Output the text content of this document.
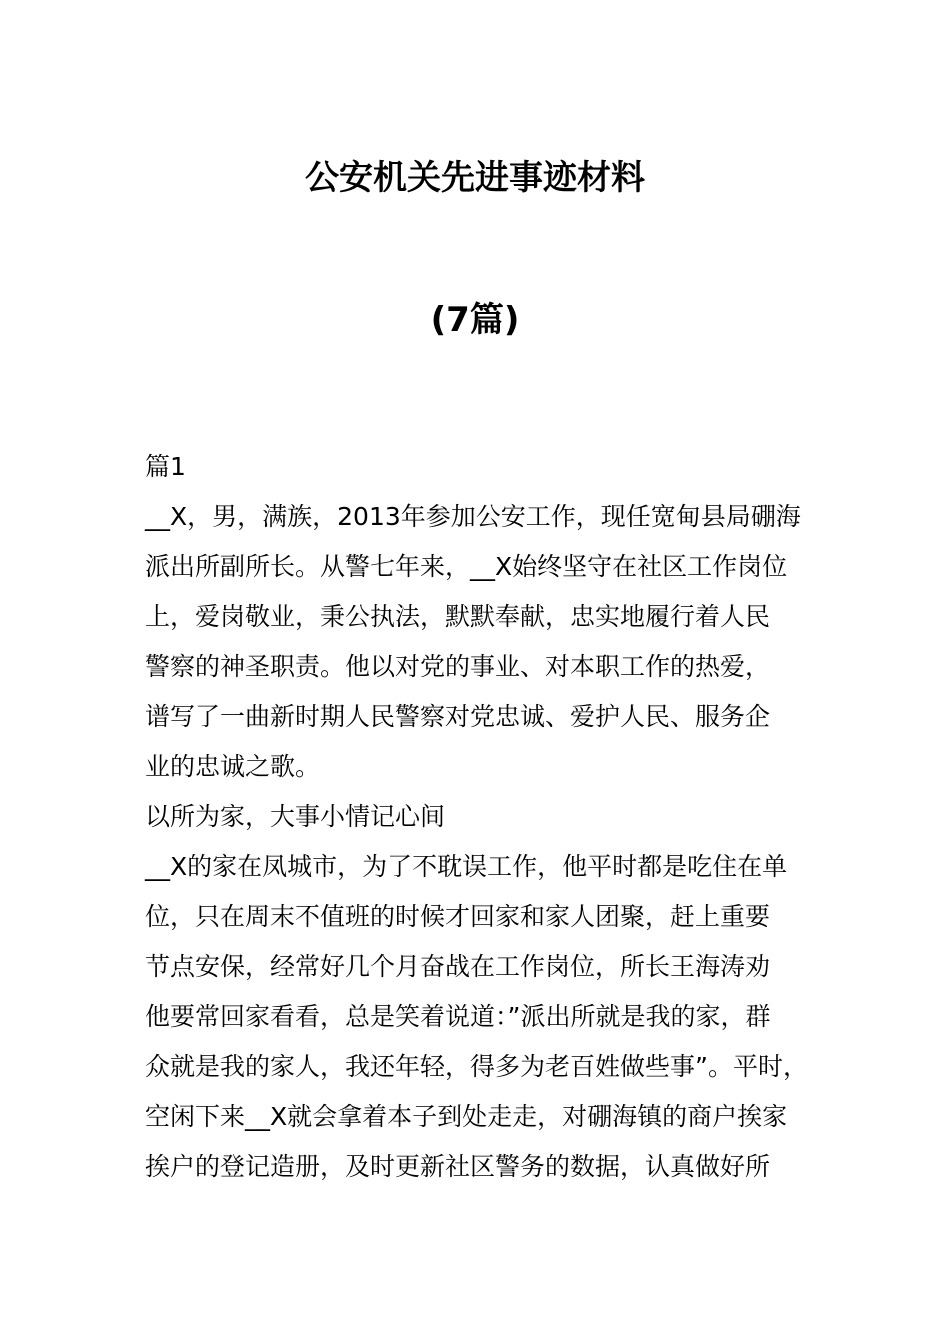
公安机关先进事迹材料
(7篇)

篇1

__X，男，满族，2013年参加公安工作，现任宽甸县局硼海

派出所副所长。从警七年来，__X始终坚守在社区工作岗位

上，爱岗敬业，秉公执法，默默奉献，忠实地履行着人民

警察的神圣职责。他以对党的事业、对本职工作的热爱，

谱写了一曲新时期人民警察对党忠诚、爱护人民、服务企

业的忠诚之歌。

以所为家，大事小情记心间

__X的家在凤城市，为了不耽误工作，他平时都是吃住在单

位，只在周末不值班的时候才回家和家人团聚，赶上重要

节点安保，经常好几个月奋战在工作岗位，所长王海涛劝

他要常回家看看，总是笑着说道：”派出所就是我的家，群

众就是我的家人，我还年轻，得多为老百姓做些事”。平时，

空闲下来__X就会拿着本子到处走走，对硼海镇的商户挨家

挨户的登记造册，及时更新社区警务的数据，认真做好所
